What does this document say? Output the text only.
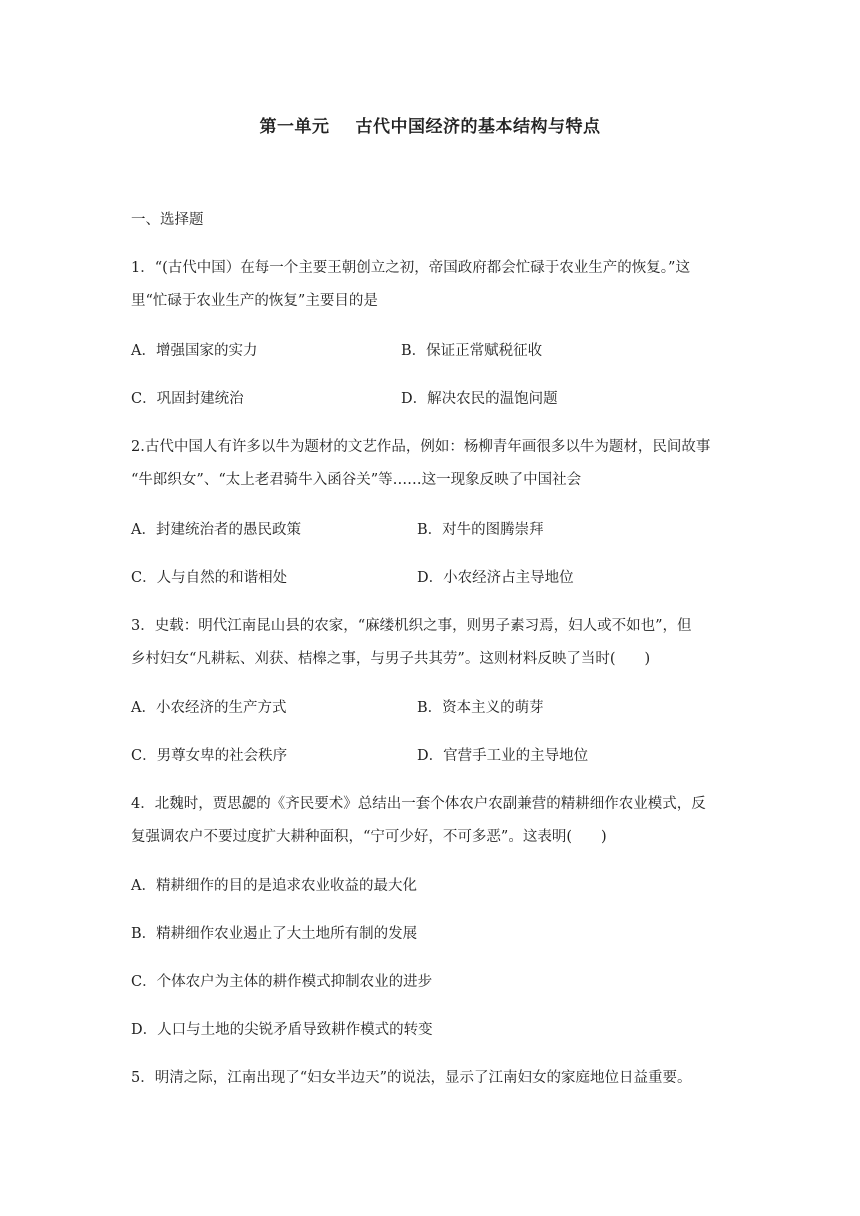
第一单元 古代中国经济的基本结构与特点
一、选择题
1．“(古代中国）在每一个主要王朝创立之初，帝国政府都会忙碌于农业生产的恢复。”这
里“忙碌于农业生产的恢复”主要目的是
A．增强国家的实力	B．保证正常赋税征收
C．巩固封建统治	D．解决农民的温饱问题
2.古代中国人有许多以牛为题材的文艺作品，例如：杨柳青年画很多以牛为题材，民间故事
“牛郎织女”、“太上老君骑牛入函谷关”等……这一现象反映了中国社会
A．封建统治者的愚民政策	B．对牛的图腾崇拜
C．人与自然的和谐相处	D．小农经济占主导地位
3．史载：明代江南昆山县的农家，“麻缕机织之事，则男子素习焉，妇人或不如也”，但
乡村妇女“凡耕耘、刈获、桔槔之事，与男子共其劳”。这则材料反映了当时(　　)
A．小农经济的生产方式	B．资本主义的萌芽
C．男尊女卑的社会秩序	D．官营手工业的主导地位
4．北魏时，贾思勰的《齐民要术》总结出一套个体农户农副兼营的精耕细作农业模式，反
复强调农户不要过度扩大耕种面积，“宁可少好，不可多恶”。这表明(　　)
A．精耕细作的目的是追求农业收益的最大化
B．精耕细作农业遏止了大土地所有制的发展
C．个体农户为主体的耕作模式抑制农业的进步
D．人口与土地的尖锐矛盾导致耕作模式的转变
5．明清之际，江南出现了“妇女半边天”的说法，显示了江南妇女的家庭地位日益重要。
